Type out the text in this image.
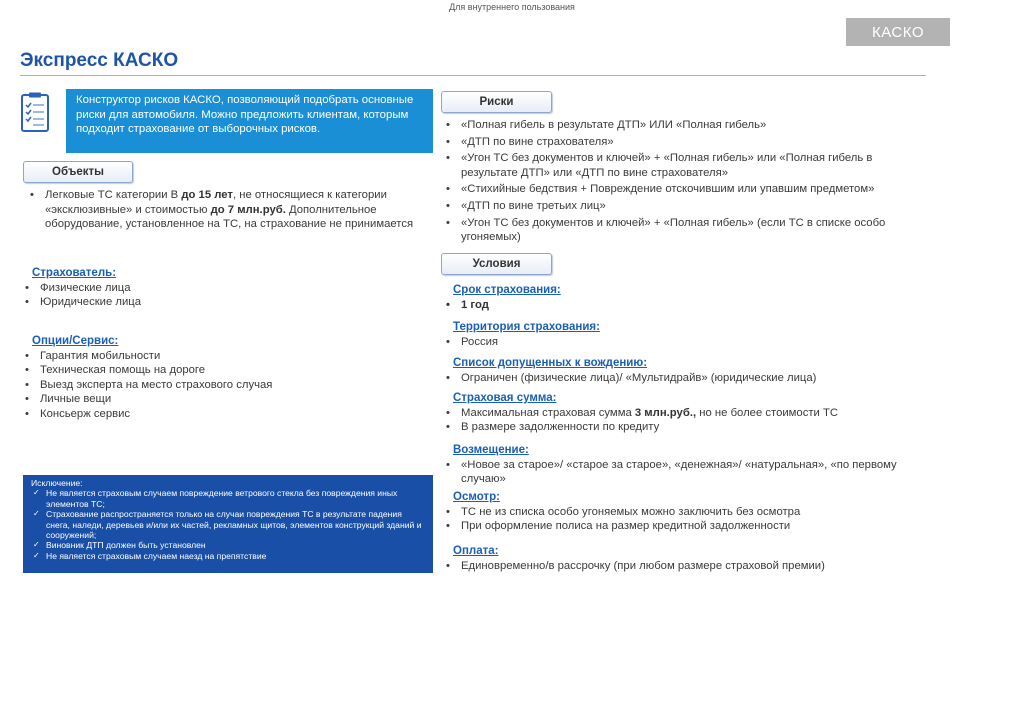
Для внутреннего пользования
КАСКО
Экспресс КАСКО
Конструктор рисков КАСКО, позволяющий подобрать основные риски для автомобиля. Можно предложить клиентам, которым подходит страхование от выборочных рисков.
Объекты
• Легковые ТС категории В до 15 лет, не относящиеся к категории «эксклюзивные» и стоимостью до 7 млн.руб. Дополнительное оборудование, установленное на ТС, на страхование не принимается
Страхователь:
• Физические лица
• Юридические лица
Опции/Сервис:
• Гарантия мобильности
• Техническая помощь на дороге
• Выезд эксперта на место страхового случая
• Личные вещи
• Консьерж сервис
Исключение:
✓ Не является страховым случаем повреждение ветрового стекла без повреждения иных элементов ТС;
✓ Страхование распространяется только на случаи повреждения ТС в результате падения снега, наледи, деревьев и/или их частей, рекламных щитов, элементов конструкций зданий и сооружений;
✓ Виновник ДТП должен быть установлен
✓ Не является страховым случаем наезд на препятствие
Риски
• «Полная гибель в результате ДТП» ИЛИ «Полная гибель»
• «ДТП по вине страхователя»
• «Угон ТС без документов и ключей» + «Полная гибель» или «Полная гибель в результате ДТП» или «ДТП по вине страхователя»
• «Стихийные бедствия + Повреждение отскочившим или упавшим предметом»
• «ДТП по вине третьих лиц»
• «Угон ТС без документов и ключей» + «Полная гибель» (если ТС в списке особо угоняемых)
Условия
Срок страхования:
• 1 год
Территория страхования:
• Россия
Список допущенных к вождению:
• Ограничен (физические лица)/ «Мультидрайв» (юридические лица)
Страховая сумма:
• Максимальная страховая сумма 3 млн.руб., но не более стоимости ТС
• В размере задолженности по кредиту
Возмещение:
• «Новое за старое»/ «старое за старое», «денежная»/ «натуральная», «по первому случаю»
Осмотр:
• ТС не из списка особо угоняемых можно заключить без осмотра
• При оформление полиса на размер кредитной задолженности
Оплата:
• Единовременно/в рассрочку (при любом размере страховой премии)
